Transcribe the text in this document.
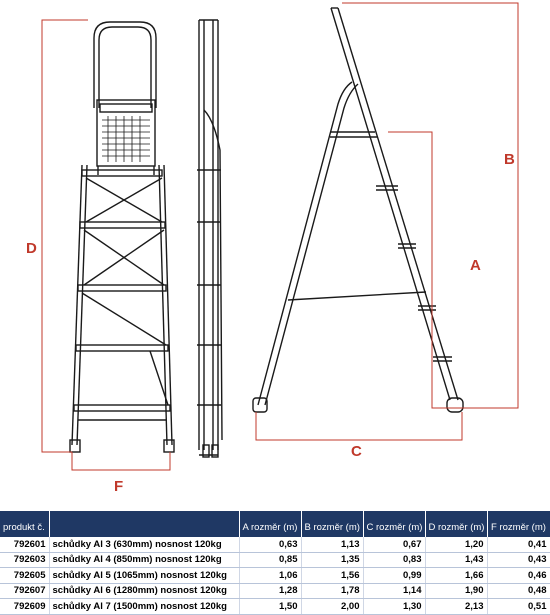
D
F
A
B
C
produkt č.		A rozměr (m)	B rozměr (m)	C rozměr (m)	D rozměr (m)	F rozměr (m)
792601	schůdky Al 3 (630mm) nosnost 120kg	0,63	1,13	0,67	1,20	0,41
792603	schůdky Al 4 (850mm) nosnost 120kg	0,85	1,35	0,83	1,43	0,43
792605	schůdky Al 5 (1065mm) nosnost 120kg	1,06	1,56	0,99	1,66	0,46
792607	schůdky Al 6 (1280mm) nosnost 120kg	1,28	1,78	1,14	1,90	0,48
792609	schůdky Al 7 (1500mm) nosnost 120kg	1,50	2,00	1,30	2,13	0,51
